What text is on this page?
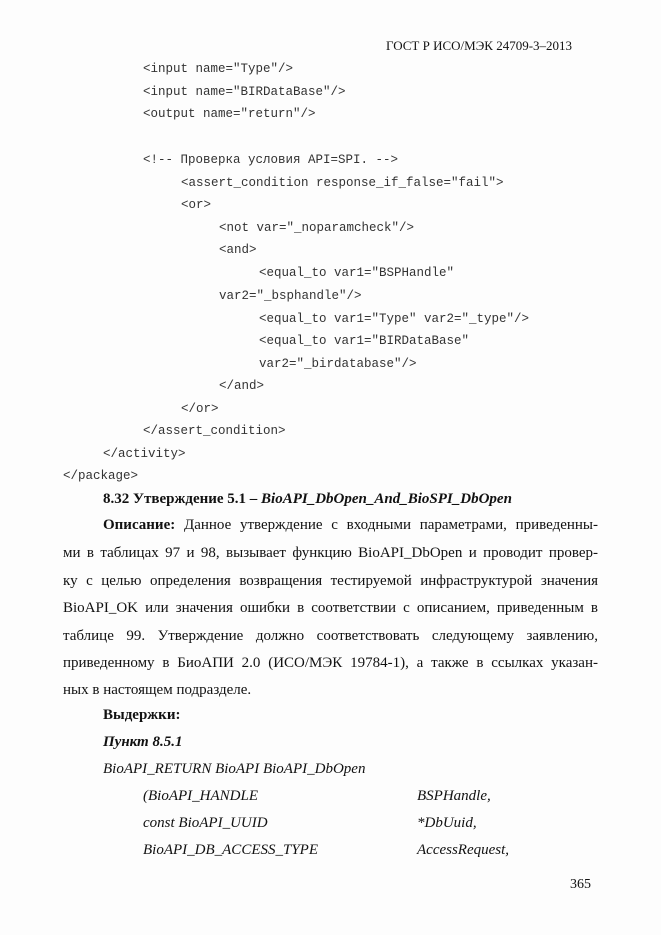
ГОСТ Р ИСО/МЭК 24709-3–2013
<input name="Type"/>
<input name="BIRDataBase"/>
<output name="return"/>
<!-- Проверка условия API=SPI. -->
<assert_condition response_if_false="fail">
<or>
<not var="_noparamcheck"/>
<and>
<equal_to var1="BSPHandle"
var2="_bsphandle"/>
<equal_to var1="Type" var2="_type"/>
<equal_to var1="BIRDataBase"
var2="_birdatabase"/>
</and>
</or>
</assert_condition>
</activity>
</package>
8.32 Утверждение 5.1 – BioAPI_DbOpen_And_BioSPI_DbOpen
Описание: Данное утверждение с входными параметрами, приведенны-
ми в таблицах 97 и 98, вызывает функцию BioAPI_DbOpen и проводит провер-
ку с целью определения возвращения тестируемой инфраструктурой значения
BioAPI_OK или значения ошибки в соответствии с описанием, приведенным в
таблице 99. Утверждение должно соответствовать следующему заявлению,
приведенному в БиоАПИ 2.0 (ИСО/МЭК 19784-1), а также в ссылках указан-
ных в настоящем подразделе.
Выдержки:
Пункт 8.5.1
BioAPI_RETURN BioAPI BioAPI_DbOpen
(BioAPI_HANDLE	BSPHandle,
const BioAPI_UUID	*DbUuid,
BioAPI_DB_ACCESS_TYPE	AccessRequest,
365
